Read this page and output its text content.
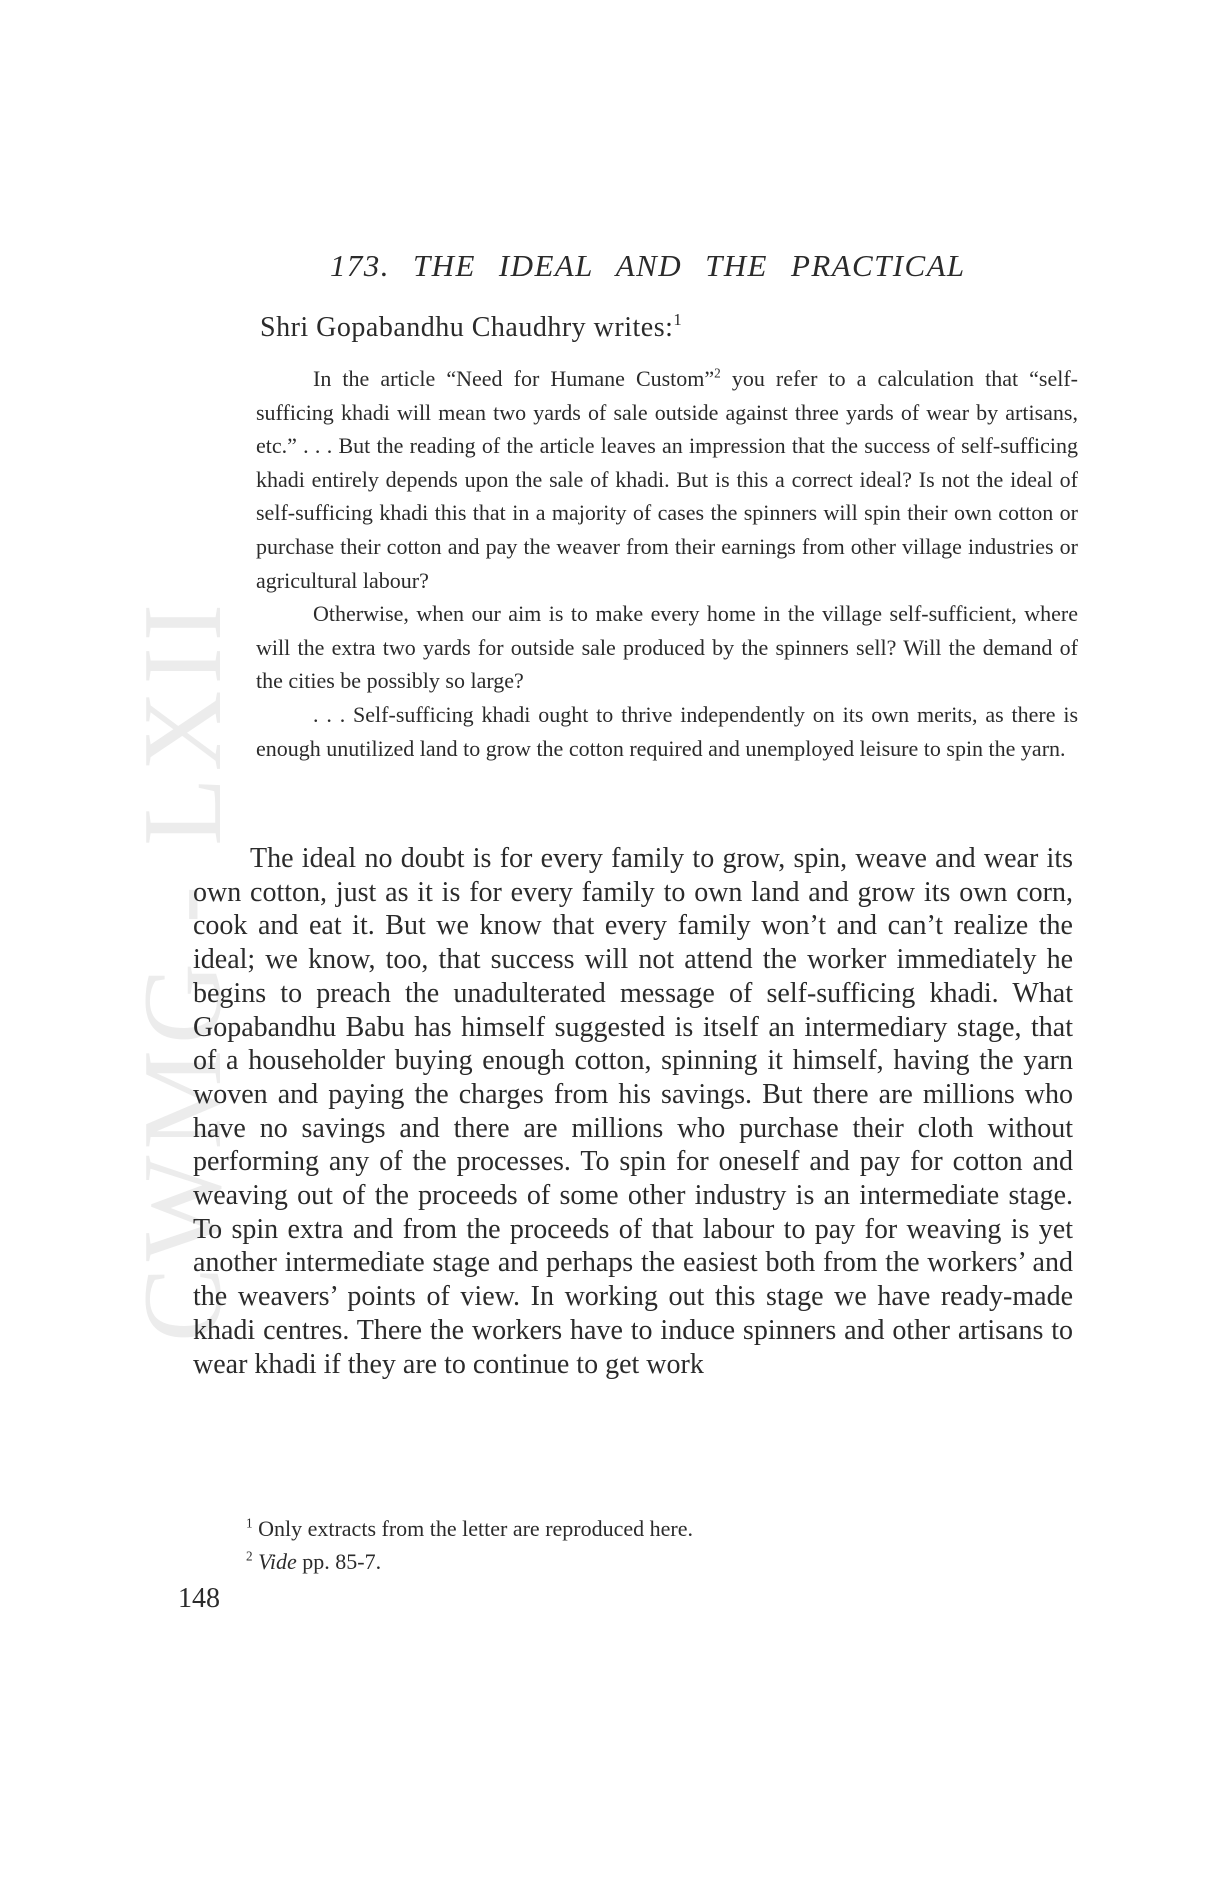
CWMG - LXII
173. THE IDEAL AND THE PRACTICAL
Shri Gopabandhu Chaudhry writes:$^1$

In the article “Need for Humane Custom”$^2$ you refer to a calculation that “self-sufficing khadi will mean two yards of sale outside against three yards of wear by artisans, etc.” . . . But the reading of the article leaves an impression that the success of self-sufficing khadi entirely depends upon the sale of khadi. But is this a correct ideal? Is not the ideal of self-sufficing khadi this that in a majority of cases the spinners will spin their own cotton or purchase their cotton and pay the weaver from their earnings from other village industries or agricultural labour?

Otherwise, when our aim is to make every home in the village self-sufficient, where will the extra two yards for outside sale produced by the spinners sell? Will the demand of the cities be possibly so large?

. . . Self-sufficing khadi ought to thrive independently on its own merits, as there is enough unutilized land to grow the cotton required and unemployed leisure to spin the yarn.

The ideal no doubt is for every family to grow, spin, weave and wear its own cotton, just as it is for every family to own land and grow its own corn, cook and eat it. But we know that every family won’t and can’t realize the ideal; we know, too, that success will not attend the worker immediately he begins to preach the unadulterated message of self-sufficing khadi. What Gopabandhu Babu has himself suggested is itself an intermediary stage, that of a householder buying enough cotton, spinning it himself, having the yarn woven and paying the charges from his savings. But there are millions who have no savings and there are millions who purchase their cloth without performing any of the processes. To spin for oneself and pay for cotton and weaving out of the proceeds of some other industry is an intermediate stage. To spin extra and from the proceeds of that labour to pay for weaving is yet another intermediate stage and perhaps the easiest both from the workers’ and the weavers’ points of view. In working out this stage we have ready-made khadi centres. There the workers have to induce spinners and other artisans to wear khadi if they are to continue to get work

$^1$ Only extracts from the letter are reproduced here.

$^2$ Vide pp. 85-7.

148
